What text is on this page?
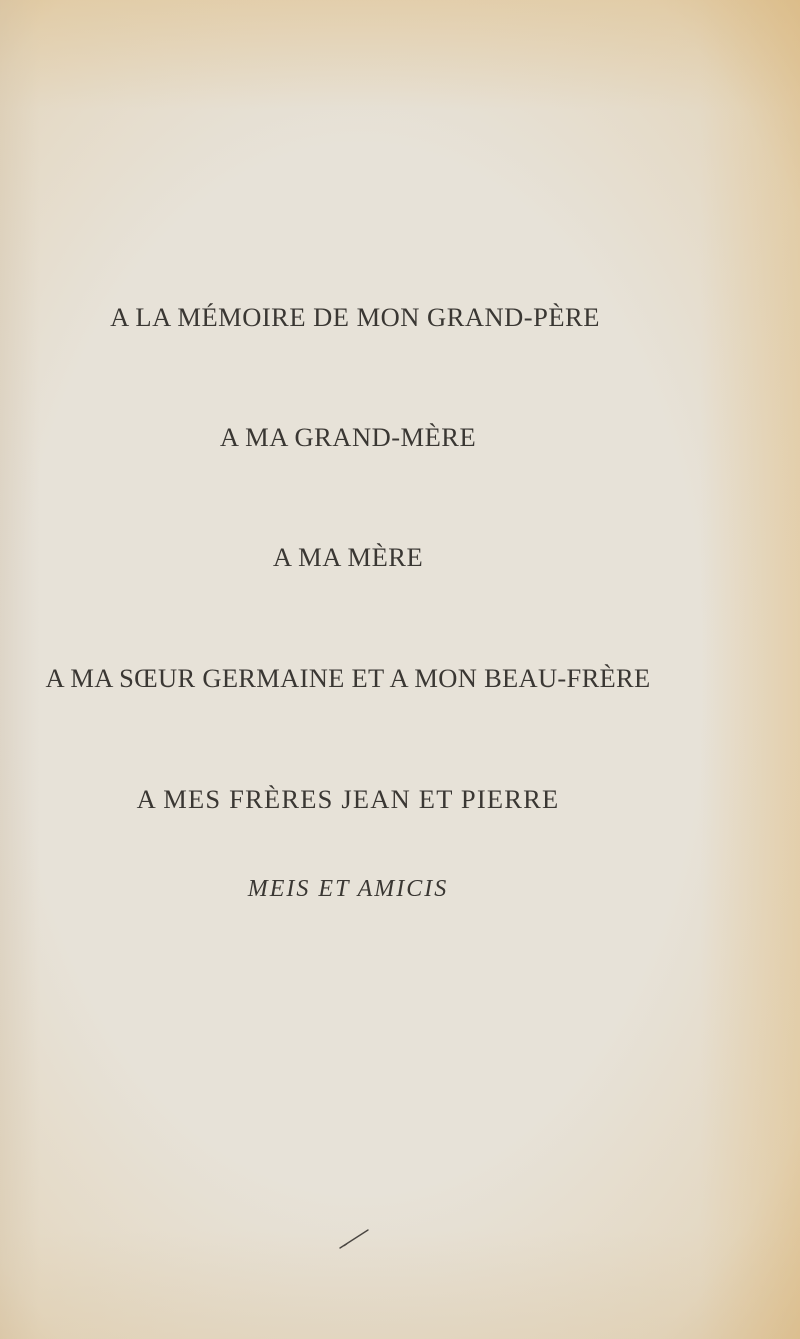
A LA MÉMOIRE DE MON GRAND-PÈRE
A MA GRAND-MÈRE
A MA MÈRE
A MA SŒUR GERMAINE ET A MON BEAU-FRÈRE
A MES FRÈRES JEAN ET PIERRE
MEIS ET AMICIS
